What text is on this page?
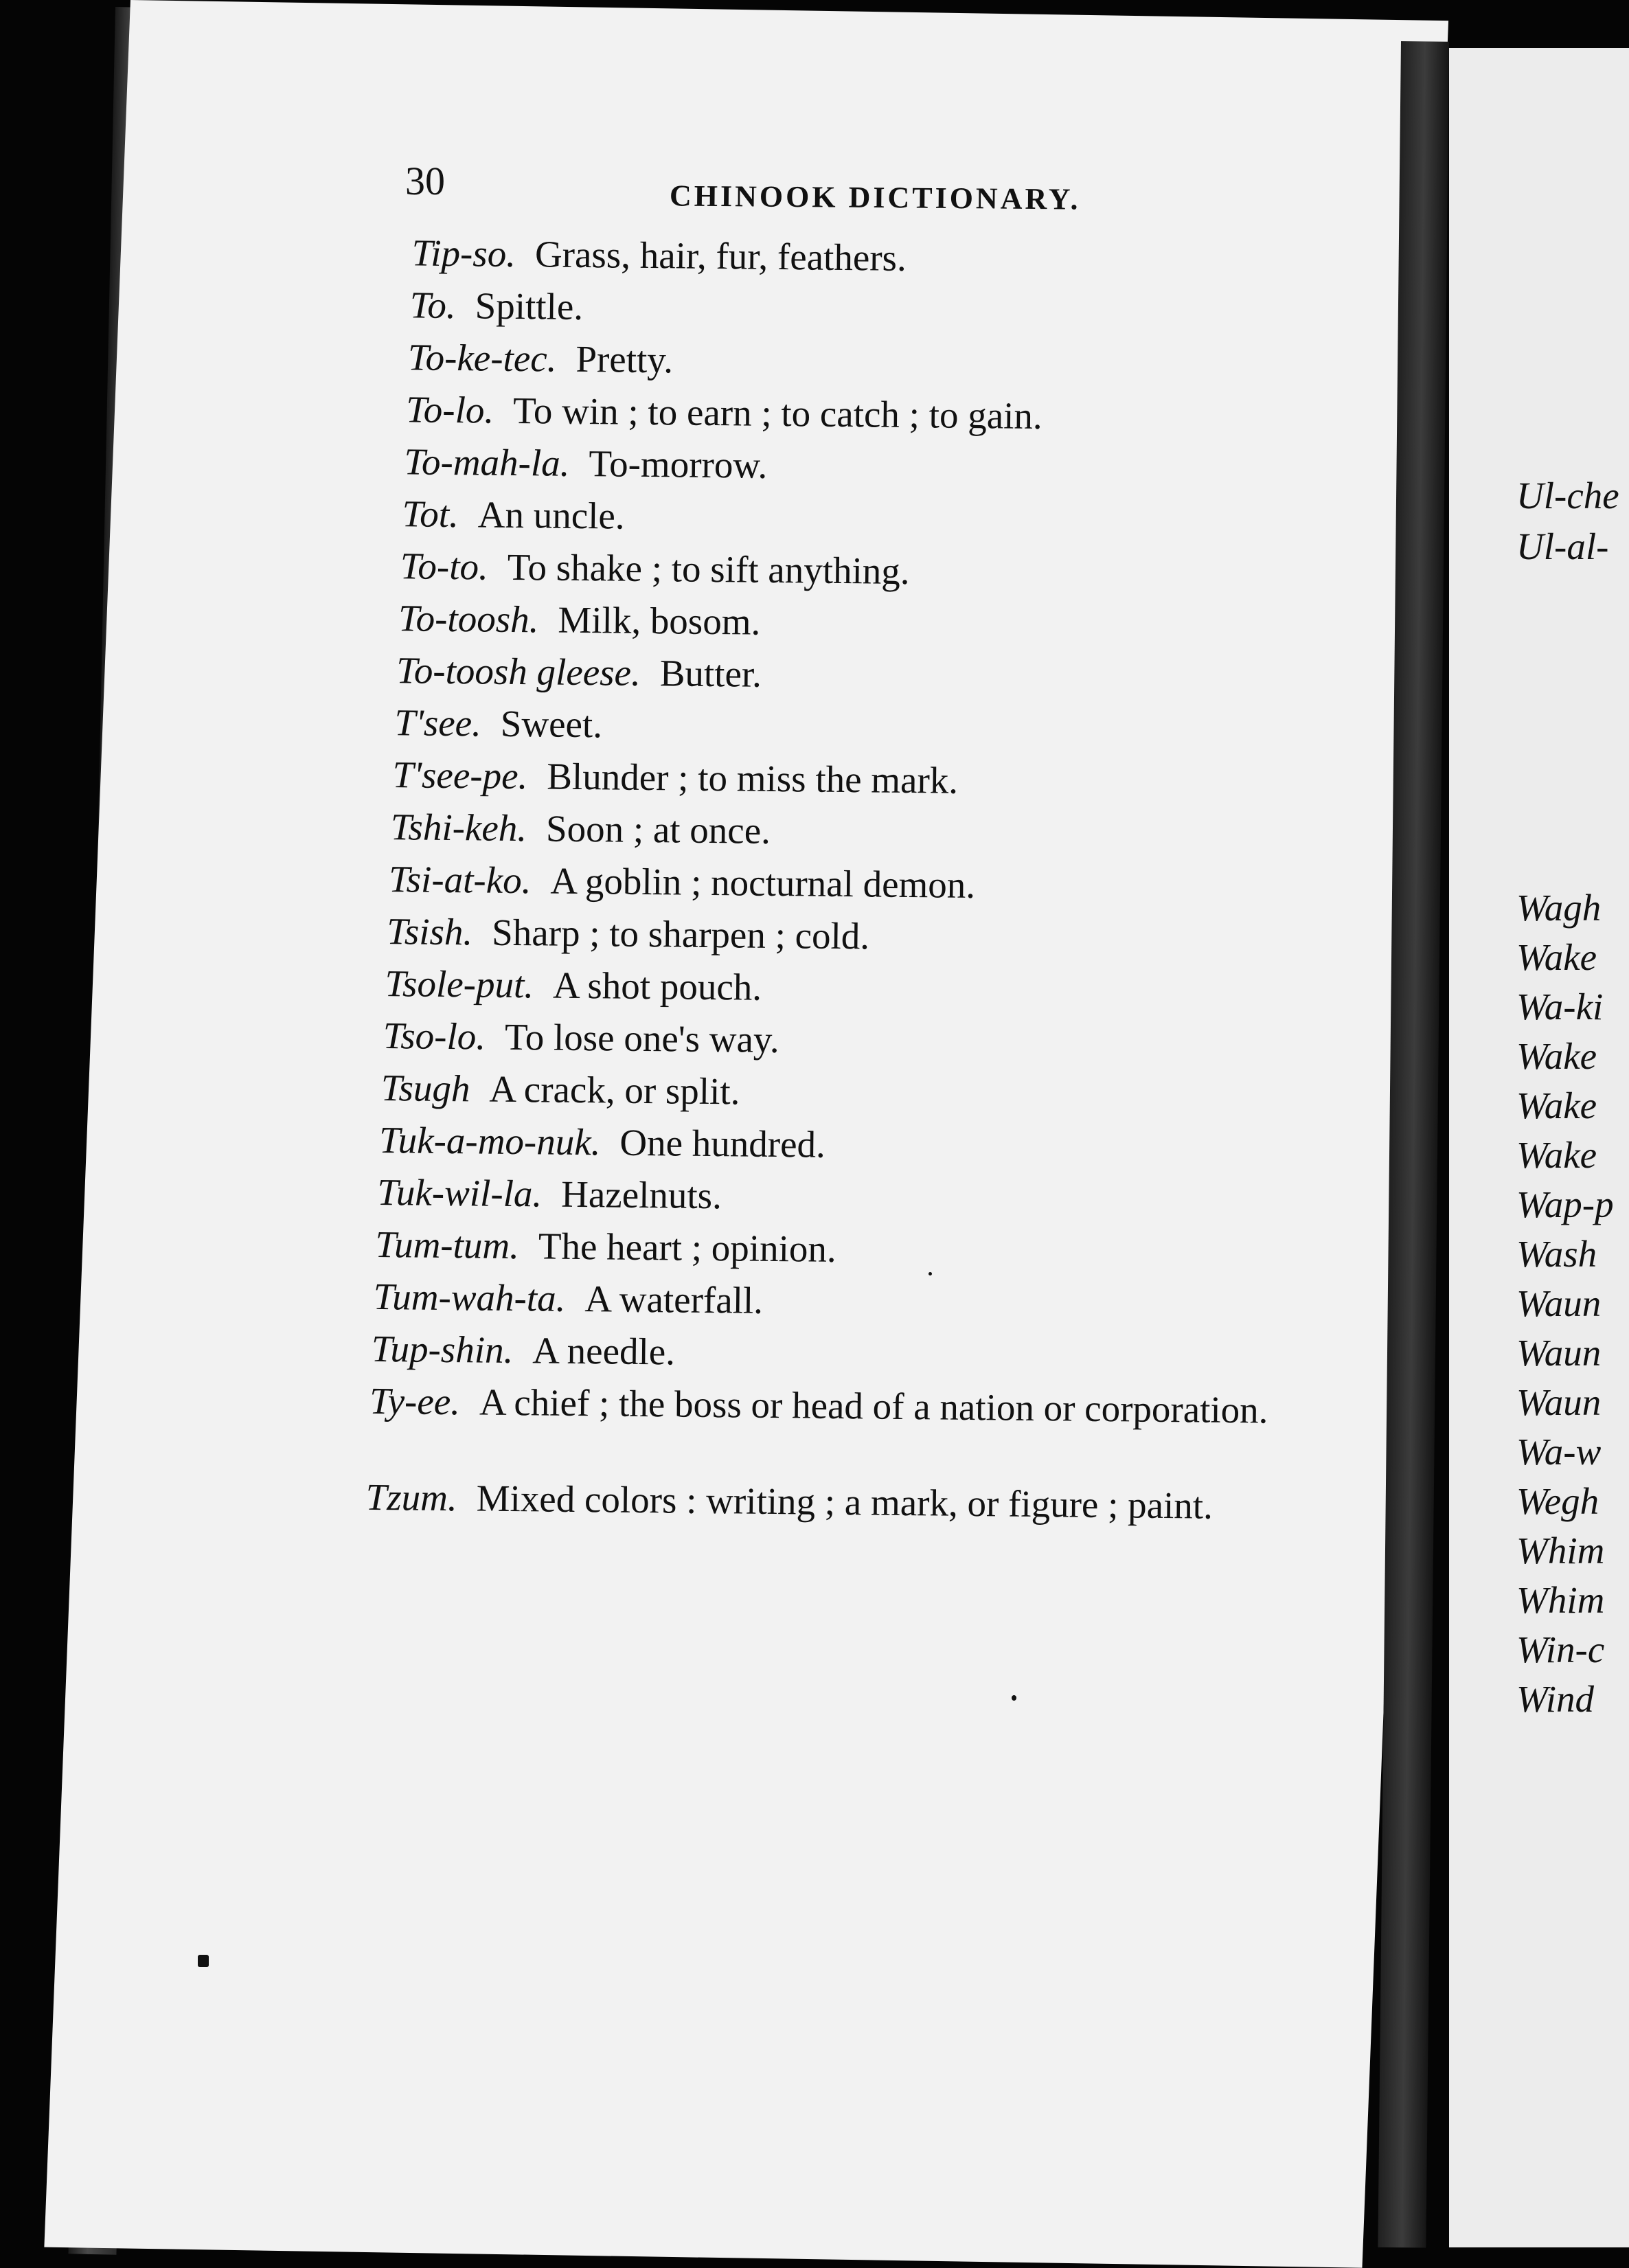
30	CHINOOK DICTIONARY.
Tip-so. Grass, hair, fur, feathers.
To. Spittle.
To-ke-tec. Pretty.
To-lo. To win ; to earn ; to catch ; to gain.
To-mah-la. To-morrow.
Tot. An uncle.
To-to. To shake ; to sift anything.
To-toosh. Milk, bosom.
To-toosh gleese. Butter.
T'see. Sweet.
T'see-pe. Blunder ; to miss the mark.
Tshi-keh. Soon ; at once.
Tsi-at-ko. A goblin ; nocturnal demon.
Tsish. Sharp ; to sharpen ; cold.
Tsole-put. A shot pouch.
Tso-lo. To lose one's way.
Tsugh A crack, or split.
Tuk-a-mo-nuk. One hundred.
Tuk-wil-la. Hazelnuts.
Tum-tum. The heart ; opinion.
Tum-wah-ta. A waterfall.
Tup-shin. A needle.
Ty-ee. A chief ; the boss or head of a nation or corporation.
Tzum. Mixed colors : writing ; a mark, or figure ; paint.
Ul-che
Ul-al-
Wagh
Wake
Wa-ki
Wake
Wake
Wake
Wap-p
Wash
Waun
Waun
Waun
Wa-w
Wegh
Whim
Whim
Win-c
Wind
